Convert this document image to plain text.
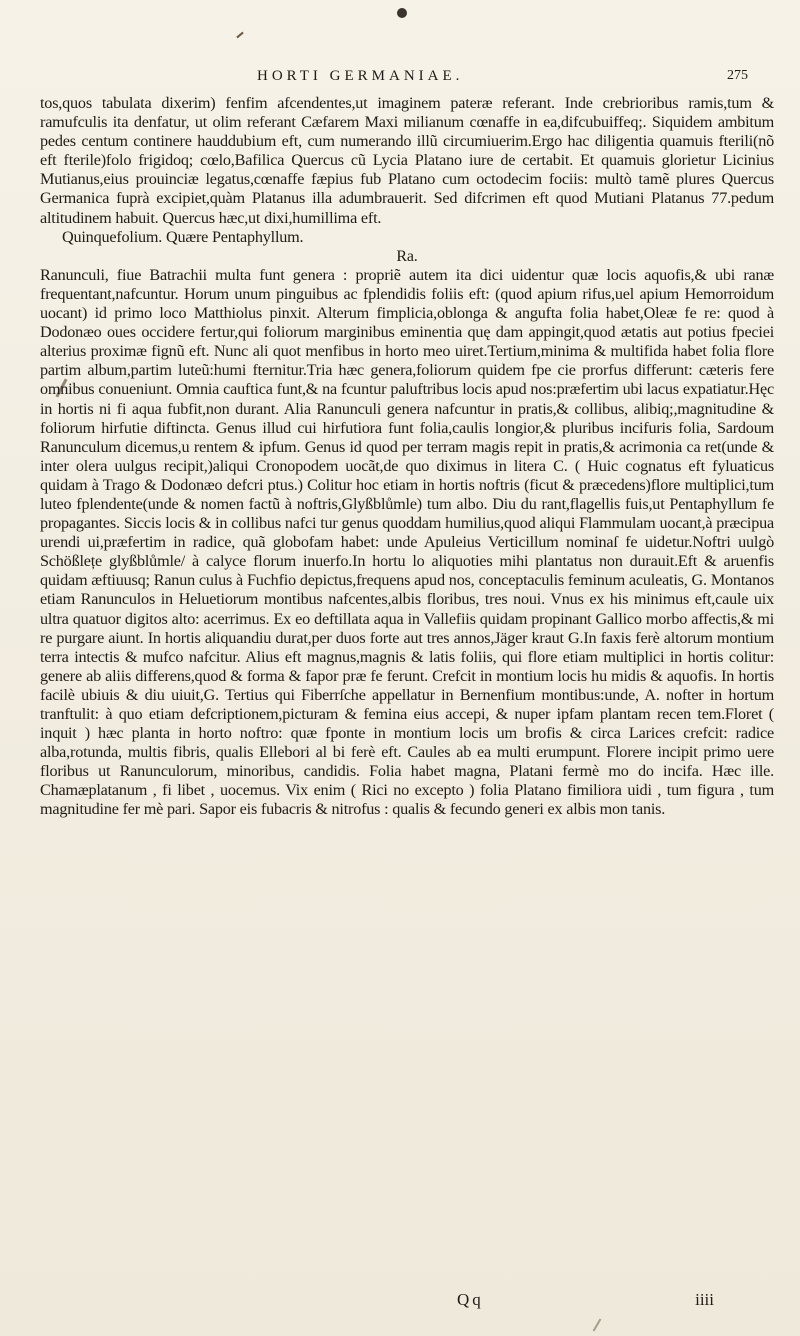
HORTI GERMANIAE.	275

tos,quos tabulata dixerim) fenfim afcendentes,ut imaginem pateræ referant. Inde crebrioribus ramis,tum & ramufculis ita denfatur, ut olim referant Cæfarem Maxi milianum cœnaffe in ea,difcubuiffeq;. Siquidem ambitum pedes centum continere hauddubium eft, cum numerando illũ circumiuerim.Ergo hac diligentia quamuis fterili(nõ eft fterile)folo frigidoq; cœlo,Bafilica Quercus cũ Lycia Platano iure de certabit. Et quamuis glorietur Licinius Mutianus,eius prouinciæ legatus,cœnaffe fæpius fub Platano cum octodecim fociis: multò tamẽ plures Quercus Germanica fuprà excipiet,quàm Platanus illa adumbrauerit. Sed difcrimen eft quod Mutiani Platanus 77.pedum altitudinem habuit. Quercus hæc,ut dixi,humillima eft.

Quinquefolium. Quære Pentaphyllum.

Ra.

Ranunculi, fiue Batrachii multa funt genera : propriẽ autem ita dici uidentur quæ locis aquofis,& ubi ranæ frequentant,nafcuntur. Horum unum pinguibus ac fplendidis foliis eft: (quod apium rifus,uel apium Hemorroidum uocant) id primo loco Matthiolus pinxit. Alterum fimplicia,oblonga & angufta folia habet,Oleæ fe re: quod à Dodonæo oues occidere fertur,qui foliorum marginibus eminentia quę dam appingit,quod ætatis aut potius fpeciei alterius proximæ fignũ eft. Nunc ali quot menfibus in horto meo uiret.Tertium,minima & multifida habet folia flore partim album,partim luteũ:humi fternitur.Tria hæc genera,foliorum quidem fpe cie prorfus differunt: cæteris fere omnibus conueniunt. Omnia cauftica funt,& na fcuntur paluftribus locis apud nos:præfertim ubi lacus expatiatur.Hęc in hortis ni fi aqua fubfit,non durant. Alia Ranunculi genera nafcuntur in pratis,& collibus, alibiq;,magnitudine & foliorum hirfutie diftincta. Genus illud cui hirfutiora funt folia,caulis longior,& pluribus incifuris folia, Sardoum Ranunculum dicemus,u rentem & ipfum. Genus id quod per terram magis repit in pratis,& acrimonia ca ret(unde & inter olera uulgus recipit,)aliqui Cronopodem uocãt,de quo diximus in litera C. ( Huic cognatus eft fyluaticus quidam à Trago & Dodonæo defcri ptus.) Colitur hoc etiam in hortis noftris (ficut & præcedens)flore multiplici,tum luteo fplendente(unde & nomen factũ à noftris,Glyßblůmle) tum albo. Diu du rant,flagellis fuis,ut Pentaphyllum fe propagantes. Siccis locis & in collibus nafci tur genus quoddam humilius,quod aliqui Flammulam uocant,à præcipua urendi ui,præfertim in radice, quã globofam habet: unde Apuleius Verticillum nominaſ fe uidetur.Noftri uulgò Schößlețe glyßblůmle/ à calyce florum inuerfo.In hortu lo aliquoties mihi plantatus non durauit.Eft & aruenfis quidam æftiuusq; Ranun culus à Fuchfio depictus,frequens apud nos, conceptaculis feminum aculeatis, G. Montanos etiam Ranunculos in Heluetiorum montibus nafcentes,albis floribus, tres noui. Vnus ex his minimus eft,caule uix ultra quatuor digitos alto: acerrimus. Ex eo deftillata aqua in Vallefiis quidam propinant Gallico morbo affectis,& mi re purgare aiunt. In hortis aliquandiu durat,per duos forte aut tres annos,Jäger kraut G.In faxis ferè altorum montium terra intectis & mufco nafcitur. Alius eft magnus,magnis & latis foliis, qui flore etiam multiplici in hortis colitur: genere ab aliis differens,quod & forma & fapor præ fe ferunt. Crefcit in montium locis hu midis & aquofis. In hortis facilè ubiuis & diu uiuit,G. Tertius qui Fiberrſche appellatur in Bernenfium montibus:unde, A. nofter in hortum tranftulit: à quo etiam defcriptionem,picturam & femina eius accepi, & nuper ipfam plantam recen tem.Floret ( inquit ) hæc planta in horto noftro: quæ fponte in montium locis um brofis & circa Larices crefcit: radice alba,rotunda, multis fibris, qualis Ellebori al bi ferè eft. Caules ab ea multi erumpunt. Florere incipit primo uere floribus ut Ranunculorum, minoribus, candidis. Folia habet magna, Platani fermè mo do incifa. Hæc ille. Chamæplatanum , fi libet , uocemus. Vix enim ( Rici no excepto ) folia Platano fimiliora uidi , tum figura , tum magnitudine fer mè pari. Sapor eis fubacris & nitrofus : qualis & fecundo generi ex albis mon tanis.

Qq	iiii
